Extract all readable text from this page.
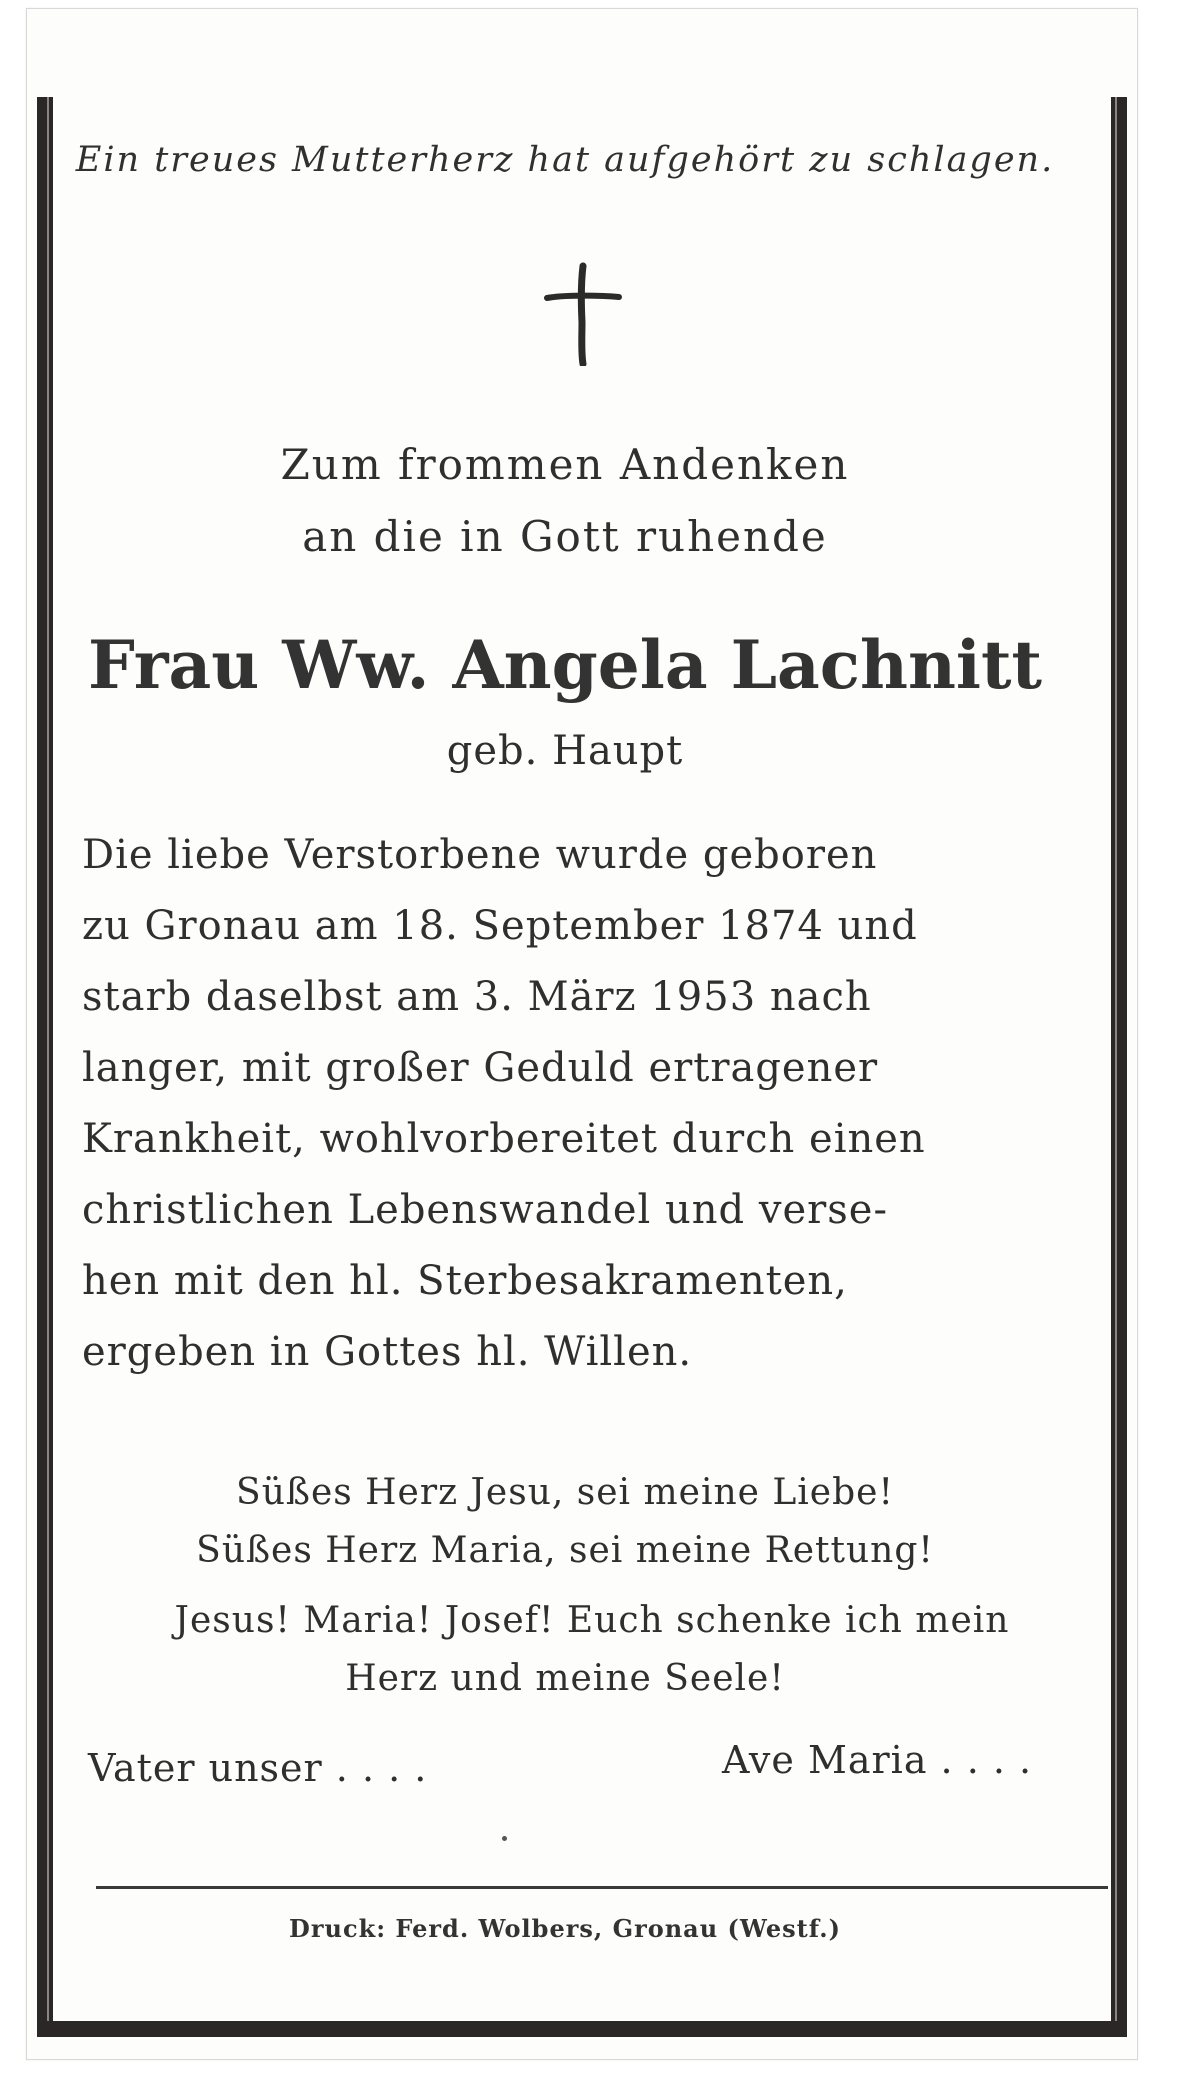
Ein treues Mutterherz hat aufgehört zu schlagen.
Zum frommen Andenken
an die in Gott ruhende
Frau Ww. Angela Lachnitt
geb. Haupt
Die liebe Verstorbene wurde geboren
zu Gronau am 18. September 1874 und
starb daselbst am 3. März 1953 nach
langer, mit großer Geduld ertragener
Krankheit, wohlvorbereitet durch einen
christlichen Lebenswandel und verse-
hen mit den hl. Sterbesakramenten,
ergeben in Gottes hl. Willen.
Süßes Herz Jesu, sei meine Liebe!
Süßes Herz Maria, sei meine Rettung!
Jesus! Maria! Josef! Euch schenke ich mein
Herz und meine Seele!
Vater unser . . . .	Ave Maria . . . .
Druck: Ferd. Wolbers, Gronau (Westf.)
